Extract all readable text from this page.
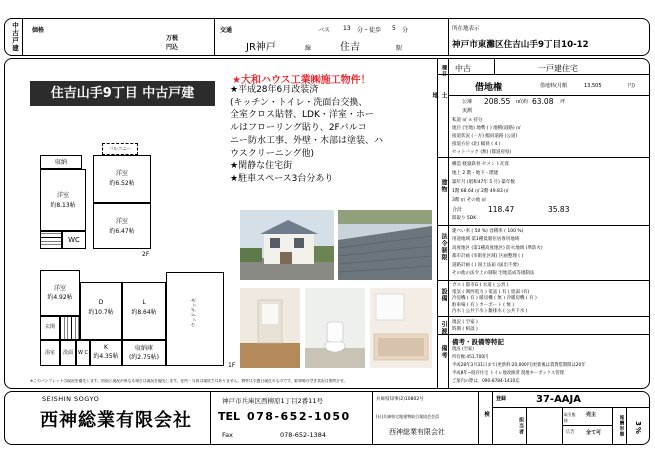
中古戸建 価格
万税
円込
交通	バス 13 分・徒歩 5 分
JR神戸	線	住吉	駅
所在地表示
神戸市東灘区住吉山手9丁目10-12
住吉山手9丁目 中古戸建
★大和ハウス工業㈱施工物件！
★平成28年6月改装済
(キッチン・トイレ・洗面台交換、
全室クロス貼替、LDK・洋室・ホー
ルはフローリング貼り、2Fバルコ
ニー防水工事、外壁・木部は塗装、ハ
ウスクリーニング他)
★閑静な住宅街
★駐車スペース3台分あり
収納
バルコニー
洋室
約6.52帖
洋室
約8.13帖
洋室
約6.47帖
WC
2F
洋室
約4.92帖
D
約10.7帖
L
約8.64帖
玄関
浴室	洗面 W C
K
約4.35帖
収納庫
(約2.75帖)
ウッドデッキ
1F
※このパンフレットは現況を優先します。図面と現況が異なる場合は現況を優先します。住所・写真は現状ではありません。物件は引渡日現在のものです。駐車場の空き状況は要問合せ。
種目
土地
建物
法令制限
設備
引渡
備考
中古	一戸建住宅
借地権	借地料(月額	13,505	円)
公簿 208.55 ㎡(約 63.08 坪
実測
私道 ㎡ × 持分
地目 (宅地) 地勢 ( ) 地積(道路) ㎡
接道状況 (一方) 幅員道路 (公道)
接道方位 (北) 幅員 ( 4 )
セットバック (無) (都道府県)
構造 軽量鉄骨 セメント瓦葺
地上 2 階・地下 - 階建
築年月 (昭和47年 5 月) 築年数
1階 68.64 ㎡ 2階 49.83 ㎡
3階 ㎡ その他 ㎡
合計	118.47	35.83
間取り 5DK
建ぺい率 ( 50 %) 容積率 ( 100 %)
用途地域 第1種低層住居専用地域
高度地区 (第1種高度地区) 防火地域 (準防火)
都市計画 (市街化区域) 区画整理 ( )
道路計画 ( ) 国土法届 (届出不要)
その他の法令上の制限 宅地造成等規制法
ガス ( 都市G ) 水道 ( 公営 )
電気 ( 関西電力 ) 電話 ( 有 ) 給湯 (有)
冷房機 ( 有 ) 暖房機 ( 無 ) 冷暖房機 ( 有 )
駐車場 ( 有 ) カーポート ( 無 )
汚水 ( 公共下水 ) 雑排水 ( 公共下水 )
現況 ( 空家 )
時期 ( 相談 )
備考・設備等特記
現況 (空家)
所有権:451,700円
平成28年3月31日まで(更新料:20,000円)更新後は賃貸借期間は20年
平成8年~既存住宅 トイレ他改修済 現地キーボックス管理
ご案内の際は、090-8784-1410迄
SEISHIN SOGYO
西神総業有限会社
神戸市兵庫区西柳原1丁目2番11号
TEL 078-652-1050
Fax	078-652-1384
兵庫県知事(2)10802号
(社)兵庫県宅地建物取引業協会会員
西神総業有限会社
検
登録	37-AAJA
担当者
取引態様
売主
広告 全て可	報酬形態	3%
